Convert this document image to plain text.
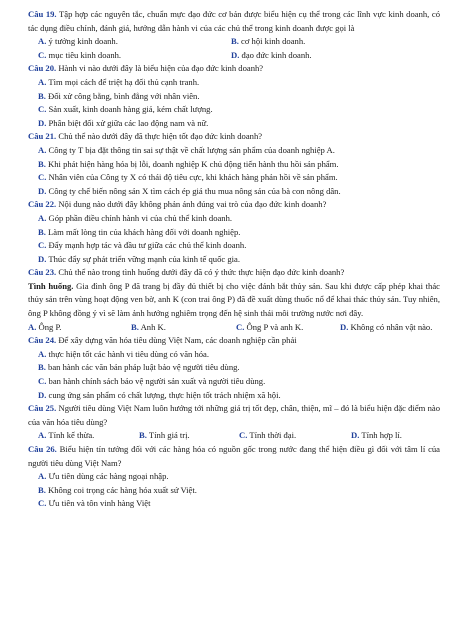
Câu 19. Tập hợp các nguyên tắc, chuẩn mực đạo đức cơ bản được biểu hiện cụ thể trong các lĩnh vực kinh doanh, có tác dụng điều chỉnh, đánh giá, hướng dẫn hành vi của các chủ thể trong kinh doanh được gọi là

A. ý tưởng kinh doanh.	B. cơ hội kinh doanh.
C. mục tiêu kinh doanh.	D. đạo đức kinh doanh.

Câu 20. Hành vi nào dưới đây là biểu hiện của đạo đức kinh doanh?

A. Tìm mọi cách để triệt hạ đối thủ cạnh tranh.

B. Đối xử công bằng, bình đẳng với nhân viên.

C. Sản xuất, kinh doanh hàng giả, kém chất lượng.

D. Phân biệt đối xử giữa các lao động nam và nữ.

Câu 21. Chủ thể nào dưới đây đã thực hiện tốt đạo đức kinh doanh?

A. Công ty T bịa đặt thông tin sai sự thật về chất lượng sản phẩm của doanh nghiệp A.

B. Khi phát hiện hàng hóa bị lỗi, doanh nghiệp K chủ động tiến hành thu hồi sản phẩm.

C. Nhân viên của Công ty X có thái độ tiêu cực, khi khách hàng phản hồi về sản phẩm.

D. Công ty chế biến nông sản X tìm cách ép giá thu mua nông sản của bà con nông dân.

Câu 22. Nội dung nào dưới đây không phản ánh đúng vai trò của đạo đức kinh doanh?

A. Góp phần điều chỉnh hành vi của chủ thể kinh doanh.

B. Làm mất lòng tin của khách hàng đối với doanh nghiệp.

C. Đẩy mạnh hợp tác và đầu tư giữa các chủ thể kinh doanh.

D. Thúc đẩy sự phát triển vững mạnh của kinh tế quốc gia.

Câu 23. Chủ thể nào trong tình huống dưới đây đã có ý thức thực hiện đạo đức kinh doanh?

Tình huống. Gia đình ông P đã trang bị đầy đủ thiết bị cho việc đánh bắt thủy sản. Sau khi được cấp phép khai thác thủy sản trên vùng hoạt động ven bờ, anh K (con trai ông P) đã đề xuất dùng thuốc nổ để khai thác thủy sản. Tuy nhiên, ông P không đồng ý vì sẽ làm ảnh hưởng nghiêm trọng đến hệ sinh thái môi trường nước nơi đây.

A. Ông P.	B. Anh K.	C. Ông P và anh K.	D. Không có nhân vật nào.

Câu 24. Để xây dựng văn hóa tiêu dùng Việt Nam, các doanh nghiệp cần phải

A. thực hiện tốt các hành vi tiêu dùng có văn hóa.

B. ban hành các văn bản pháp luật bảo vệ người tiêu dùng.

C. ban hành chính sách bảo vệ người sản xuất và người tiêu dùng.

D. cung ứng sản phẩm có chất lượng, thực hiện tốt trách nhiệm xã hội.

Câu 25. Người tiêu dùng Việt Nam luôn hướng tới những giá trị tốt đẹp, chân, thiện, mĩ – đó là biểu hiện đặc điểm nào của văn hóa tiêu dùng?

A. Tính kế thừa.	B. Tính giá trị.	C. Tính thời đại.	D. Tính hợp lí.

Câu 26. Biểu hiện tín tưởng đối với các hàng hóa có nguồn gốc trong nước đang thể hiện điều gì đối với tâm lí của người tiêu dùng Việt Nam?

A. Ưu tiên dùng các hàng ngoại nhập.

B. Không coi trọng các hàng hóa xuất sứ Việt.

C. Ưu tiên và tôn vinh hàng Việt
